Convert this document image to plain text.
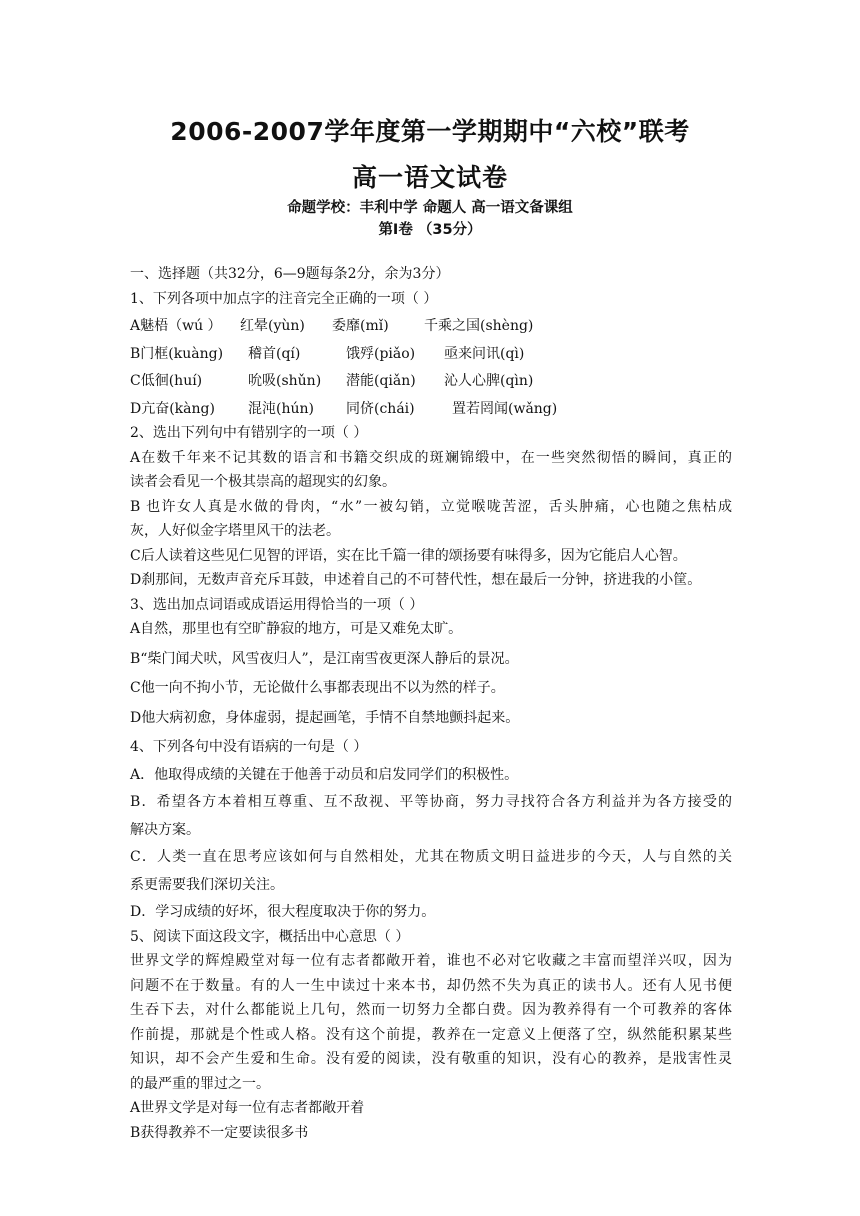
2006-2007学年度第一学期期中“六校”联考
高一语文试卷
命题学校：丰利中学 命题人 高一语文备课组
第Ⅰ卷 （35分）
一、选择题（共32分，6—9题每条2分，余为3分）
1、下列各项中加点字的注音完全正确的一项（ ）
A魅梧（wú ）	红晕(yùn)	委靡(mǐ)	千乘之国(shèng)
B门框(kuàng)	稽首(qí)	饿殍(piǎo)	亟来问讯(qì)
C低徊(huí)	吮吸(shǔn)	潜能(qiǎn)	沁人心脾(qìn)
D亢奋(kàng)	混沌(hún)	同侪(chái)	置若罔闻(wǎng)
2、选出下列句中有错别字的一项（ ）
A在数千年来不记其数的语言和书籍交织成的斑斓锦缎中，在一些突然彻悟的瞬间，真正的
读者会看见一个极其崇高的超现实的幻象。
B 也许女人真是水做的骨肉，“水”一被勾销，立觉喉咙苦涩，舌头肿痛，心也随之焦枯成
灰，人好似金字塔里风干的法老。
C后人读着这些见仁见智的评语，实在比千篇一律的颂扬要有味得多，因为它能启人心智。
D刹那间，无数声音充斥耳鼓，申述着自己的不可替代性，想在最后一分钟，挤进我的小筐。
3、选出加点词语或成语运用得恰当的一项（ ）
A自然，那里也有空旷静寂的地方，可是又难免太旷。
B“柴门闻犬吠，风雪夜归人”，是江南雪夜更深人静后的景况。
C他一向不拘小节，无论做什么事都表现出不以为然的样子。
D他大病初愈，身体虚弱，提起画笔，手情不自禁地颤抖起来。
4、下列各句中没有语病的一句是（ ）
A．他取得成绩的关键在于他善于动员和启发同学们的积极性。
B．希望各方本着相互尊重、互不敌视、平等协商，努力寻找符合各方利益并为各方接受的
解决方案。
C．人类一直在思考应该如何与自然相处，尤其在物质文明日益进步的今天，人与自然的关
系更需要我们深切关注。
D．学习成绩的好坏，很大程度取决于你的努力。
5、阅读下面这段文字，概括出中心意思（ ）
世界文学的辉煌殿堂对每一位有志者都敞开着，谁也不必对它收藏之丰富而望洋兴叹，因为
问题不在于数量。有的人一生中读过十来本书，却仍然不失为真正的读书人。还有人见书便
生吞下去，对什么都能说上几句，然而一切努力全都白费。因为教养得有一个可教养的客体
作前提，那就是个性或人格。没有这个前提，教养在一定意义上便落了空，纵然能积累某些
知识，却不会产生爱和生命。没有爱的阅读，没有敬重的知识，没有心的教养，是戕害性灵
的最严重的罪过之一。
A世界文学是对每一位有志者都敞开着
B获得教养不一定要读很多书
